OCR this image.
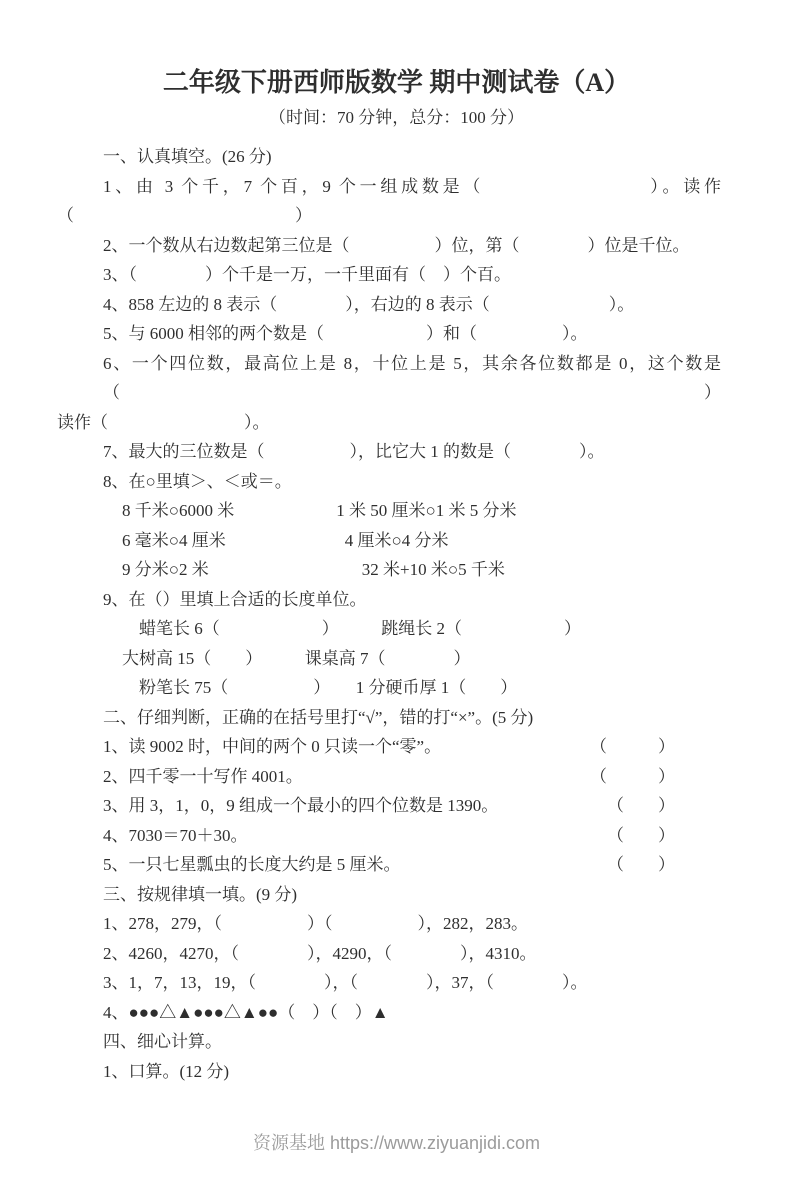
二年级下册西师版数学 期中测试卷（A）
（时间：70 分钟，总分：100 分）
一、认真填空。(26 分)
1、由 3 个千，7 个百，9 个一组成数是（　　　　　　　　）。读作
（　　　　　　　　　　　　　）
2、一个数从右边数起第三位是（　　　　　）位，第（　　　　）位是千位。
3、（　　　　）个千是一万，一千里面有（　）个百。
4、858 左边的 8 表示（　　　　），右边的 8 表示（　　　　　　　）。
5、与 6000 相邻的两个数是（　　　　　　）和（　　　　　）。
6、一个四位数，最高位上是 8，十位上是 5，其余各位数都是 0，这个数是（　　　）
读作（　　　　　　　　）。
7、最大的三位数是（　　　　　），比它大 1 的数是（　　　　）。
8、在○里填＞、＜或＝。
8 千米○6000 米　　　　　　1 米 50 厘米○1 米 5 分米
6 毫米○4 厘米　　　　　　　4 厘米○4 分米
9 分米○2 米　　　　　　　　　32 米+10 米○5 千米
9、在（）里填上合适的长度单位。
　蜡笔长 6（　　　　　　）　　　跳绳长 2（　　　　　　）
大树高 15（　　）　　　课桌高 7（　　　　）
　粉笔长 75（　　　　　）　　1 分硬币厚 1（　　）
二、仔细判断，正确的在括号里打“√”，错的打“×”。(5 分)
1、读 9002 时，中间的两个 0 只读一个“零”。	（　　　）
2、四千零一十写作 4001。	（　　　）
3、用 3，1，0，9 组成一个最小的四个位数是 1390。	（　　）
4、7030＝70＋30。	（　　）
5、一只七星瓢虫的长度大约是 5 厘米。	（　　）
三、按规律填一填。(9 分)
1、278，279，（　　　　　）（　　　　　），282，283。
2、4260，4270，（　　　　），4290，（　　　　），4310。
3、1，7，13，19，（　　　　），（　　　　），37，（　　　　）。
4、●●●△▲●●●△▲●●（　）（　）▲
四、细心计算。
1、口算。(12 分)
资源基地 https://www.ziyuanjidi.com
